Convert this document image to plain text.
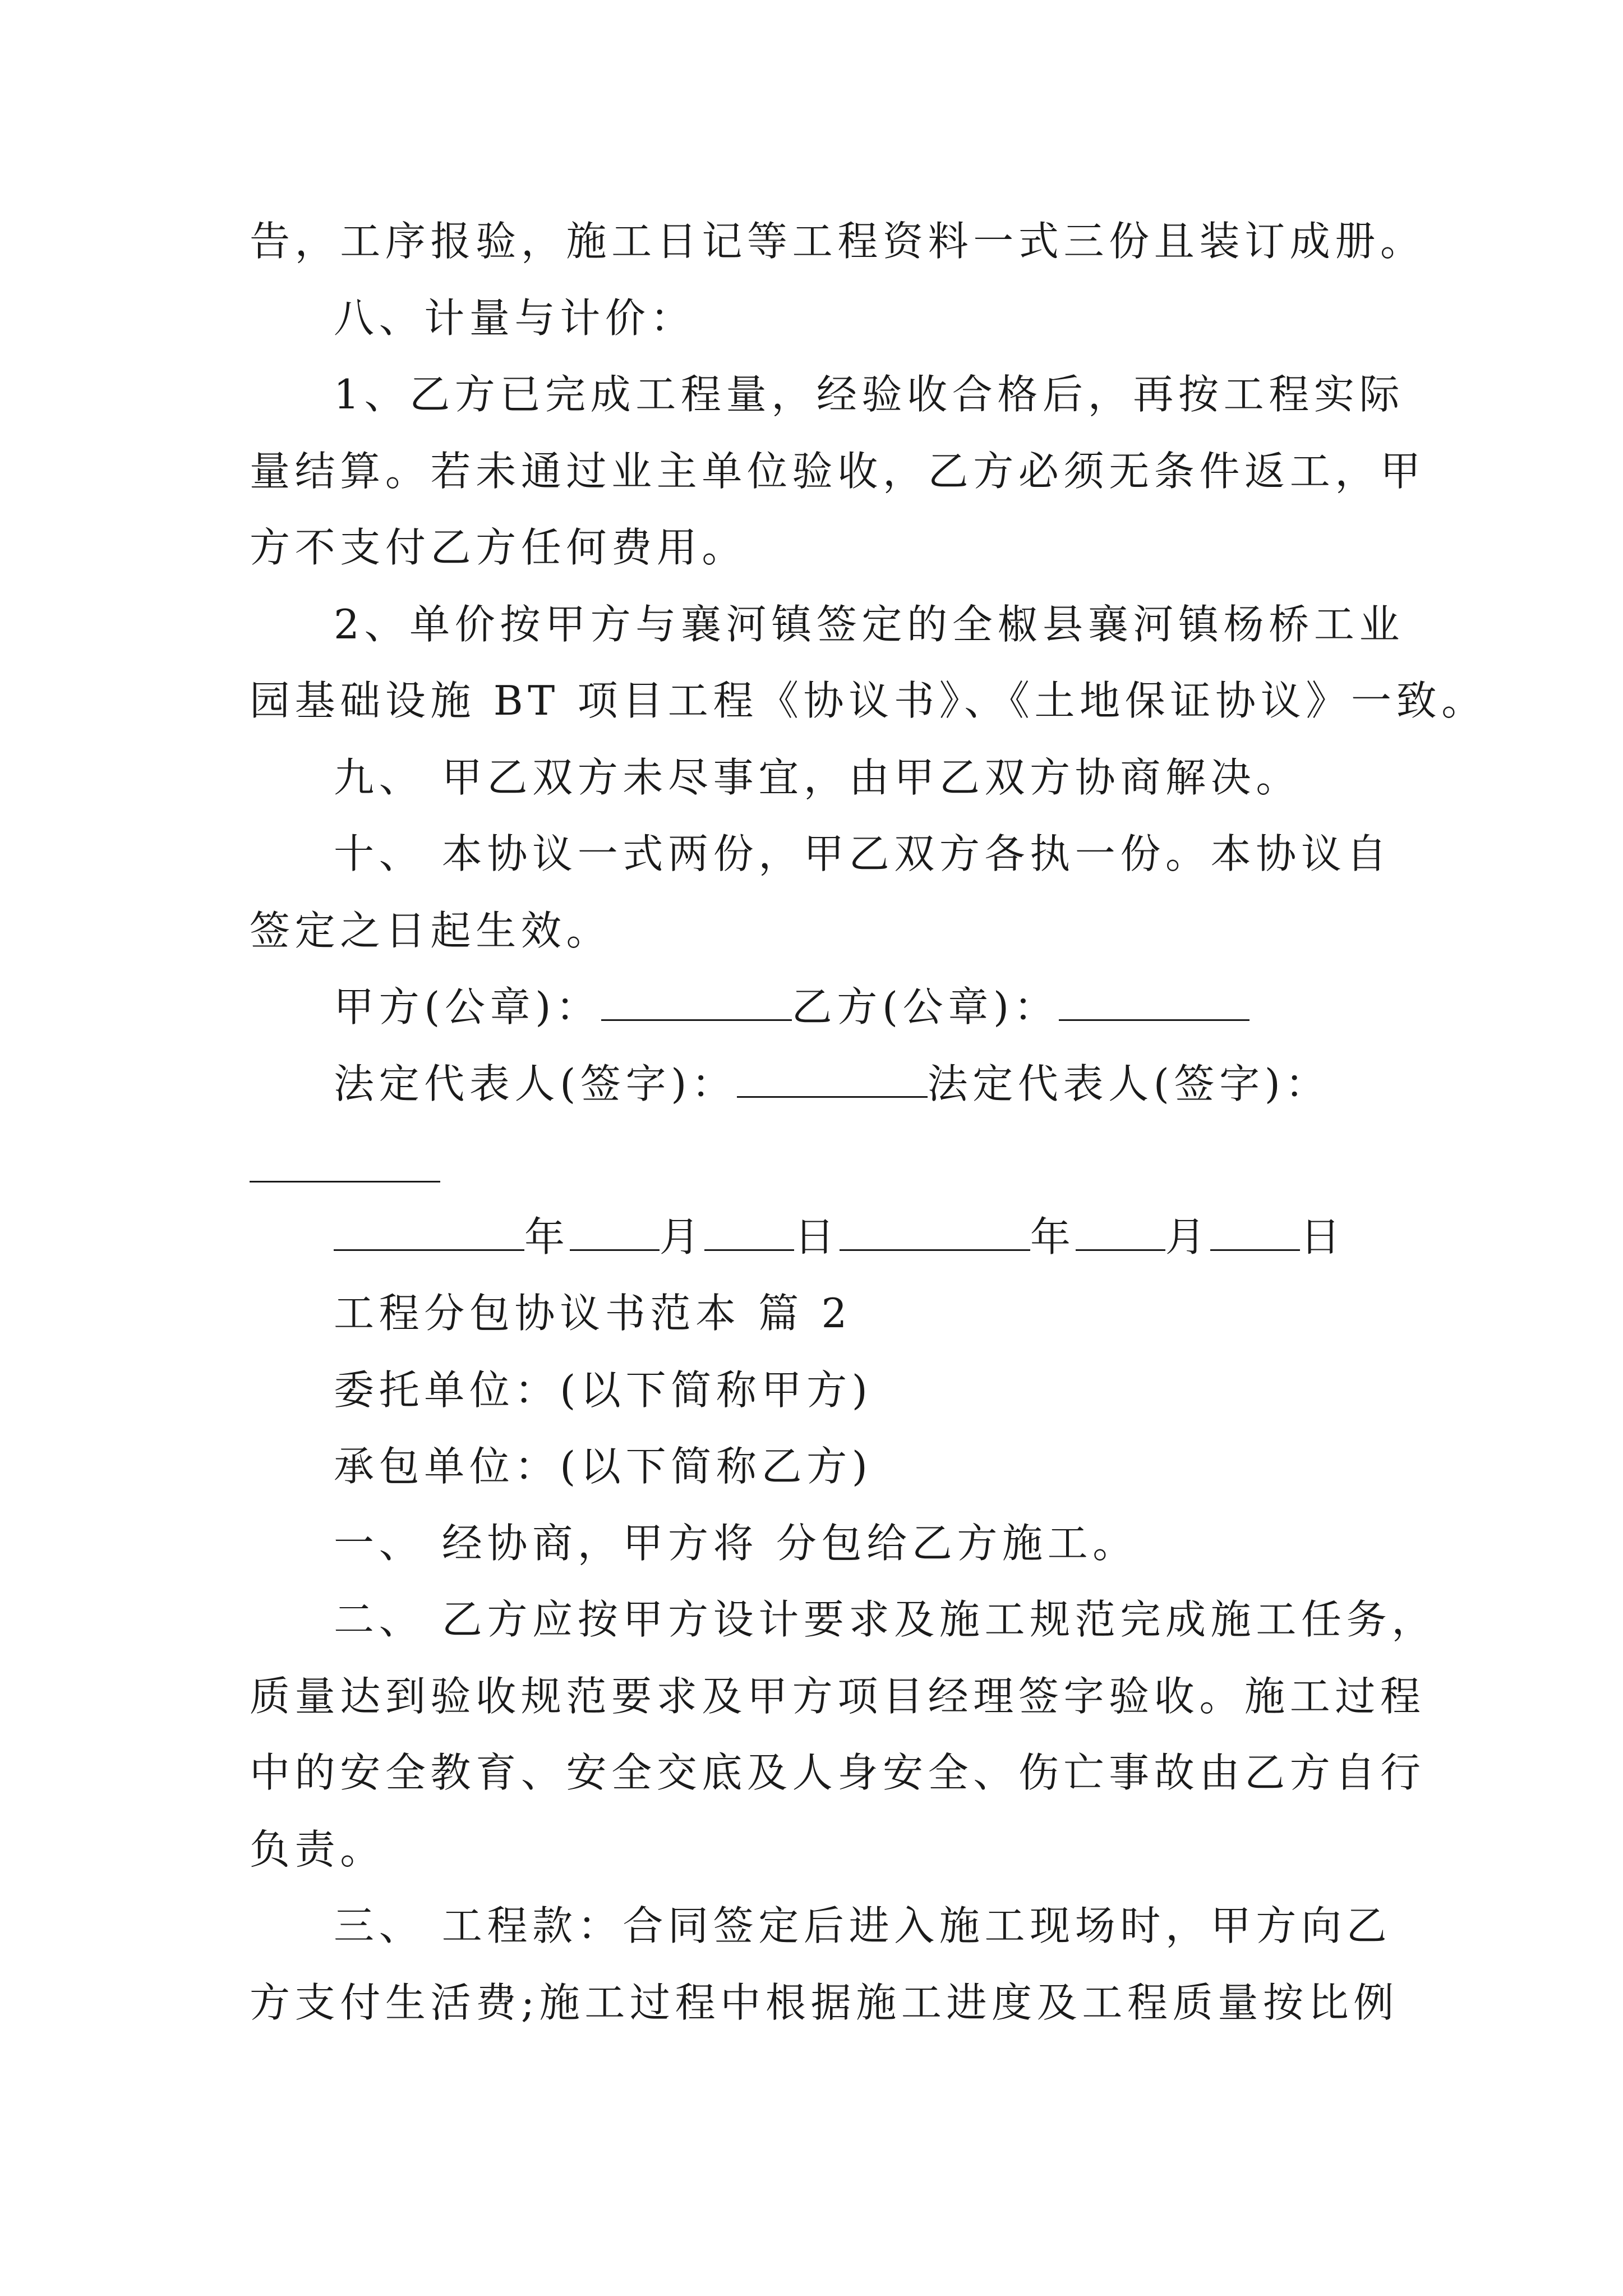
告，工序报验，施工日记等工程资料一式三份且装订成册。
八、计量与计价：
1、乙方已完成工程量，经验收合格后，再按工程实际
量结算。若未通过业主单位验收，乙方必须无条件返工，甲
方不支付乙方任何费用。
2、单价按甲方与襄河镇签定的全椒县襄河镇杨桥工业
园基础设施 BT 项目工程《协议书》、《土地保证协议》一致。
九、 甲乙双方未尽事宜，由甲乙双方协商解决。
十、 本协议一式两份，甲乙双方各执一份。本协议自
签定之日起生效。
甲方(公章)：	乙方(公章)：
法定代表人(签字)：	法定代表人(签字)：
年 月 日	年 月 日
工程分包协议书范本 篇 2
委托单位：(以下简称甲方)
承包单位：(以下简称乙方)
一、 经协商，甲方将 分包给乙方施工。
二、 乙方应按甲方设计要求及施工规范完成施工任务，
质量达到验收规范要求及甲方项目经理签字验收。施工过程
中的安全教育、安全交底及人身安全、伤亡事故由乙方自行
负责。
三、 工程款：合同签定后进入施工现场时，甲方向乙
方支付生活费;施工过程中根据施工进度及工程质量按比例
